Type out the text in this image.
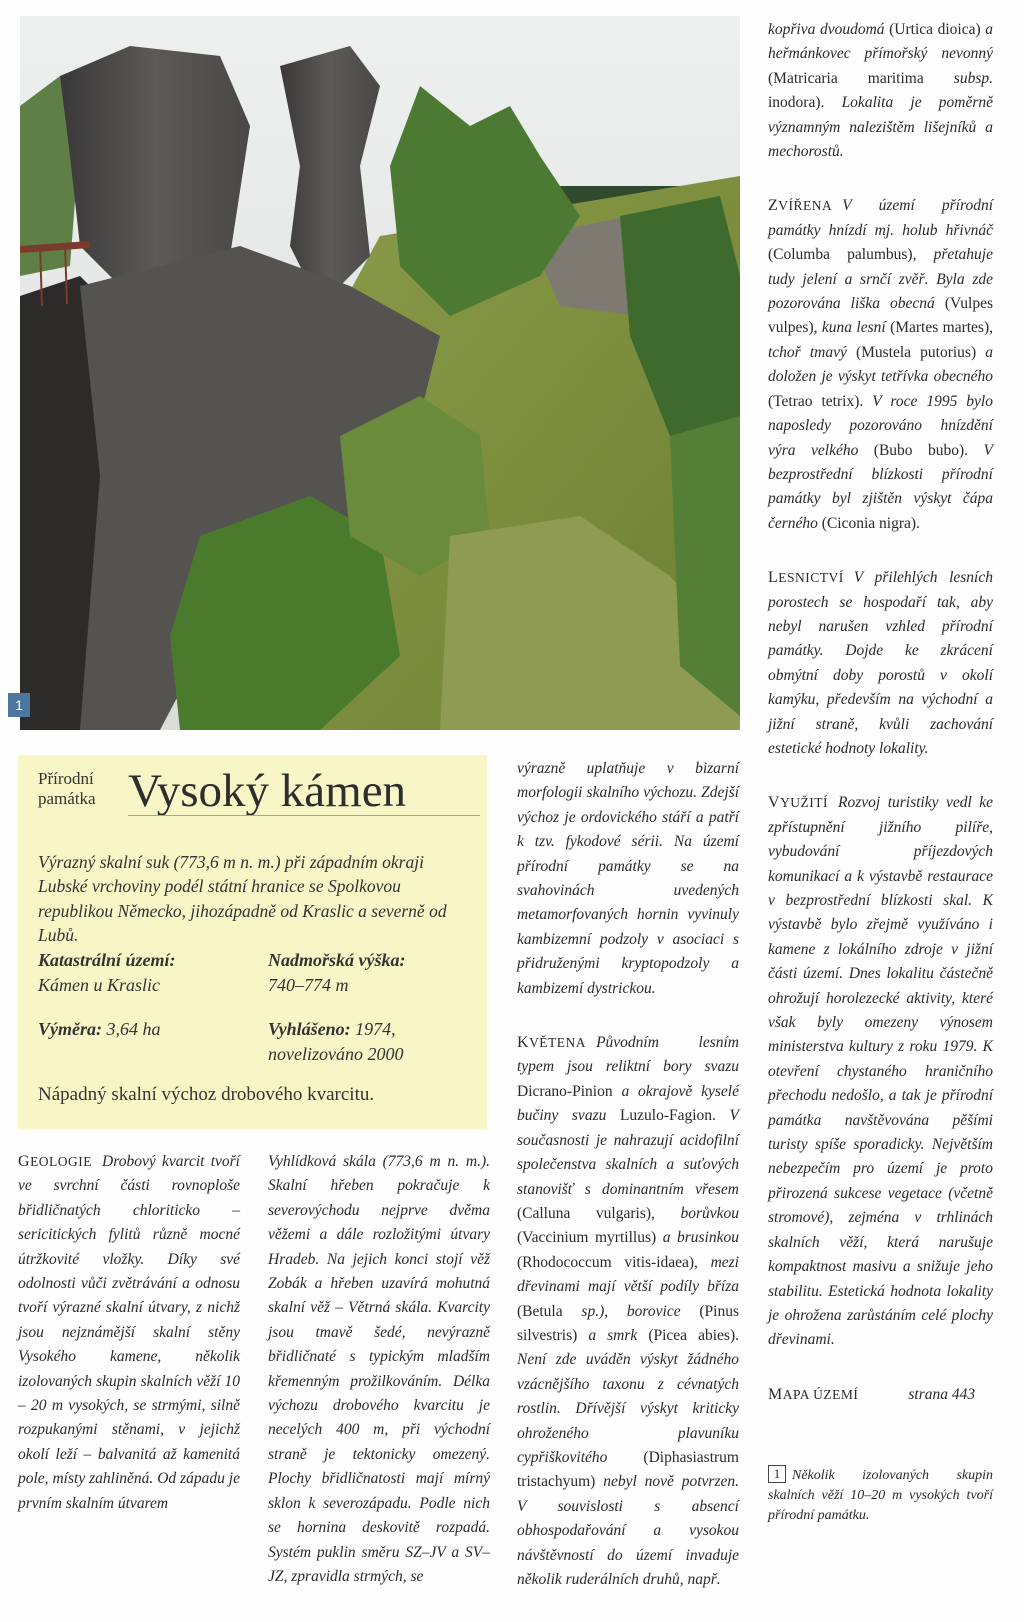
1
Přírodní
památka Vysoký kámen

Výrazný skalní suk (773,6 m n. m.) při západním okraji Lubské vrchoviny podél státní hranice se Spolkovou republikou Německo, jihozápadně od Kraslic a severně od Lubů.

Katastrální území:
Kámen u Kraslic
Nadmořská výška:
740–774 m
Výměra: 3,64 ha	Vyhlášeno: 1974,
novelizováno 2000
Nápadný skalní výchoz drobového kvarcitu.

GEOLOGIE Drobový kvarcit tvoří ve svrchní části rovnoploše břidličnatých chloriticko – sericitických fylitů různě mocné útržkovité vložky. Díky své odolnosti vůči zvětrávání a odnosu tvoří výrazné skalní útvary, z nichž jsou nejznámější skalní stěny Vysokého kamene, několik izolovaných skupin skalních věží 10 – 20 m vysokých, se strmými, silně rozpukanými stěnami, v jejichž okolí leží – balvanitá až kamenitá pole, místy zahliněná. Od západu je prvním skalním útvarem

Vyhlídková skála (773,6 m n. m.). Skalní hřeben pokračuje k severovýchodu nejprve dvěma věžemi a dále rozložitými útvary Hradeb. Na jejich konci stojí věž Zobák a hřeben uzavírá mohutná skalní věž – Větrná skála. Kvarcity jsou tmavě šedé, nevýrazně břidličnaté s typickým mladším křemenným prožilkováním. Délka výchozu drobového kvarcitu je necelých 400 m, při východní straně je tektonicky omezený. Plochy břidličnatosti mají mírný sklon k severozápadu. Podle nich se hornina deskovitě rozpadá. Systém puklin směru SZ–JV a SV–JZ, zpravidla strmých, se

výrazně uplatňuje v bizarní morfologii skalního výchozu. Zdejší výchoz je ordovického stáří a patří k tzv. fykodové sérii. Na území přírodní památky se na svahovinách uvedených metamorfovaných hornin vyvinuly kambizemní podzoly v asociaci s přidruženými kryptopodzoly a kambizemí dystrickou.

KVĚTENA Původním lesním typem jsou reliktní bory svazu Dicrano-Pinion a okrajově kyselé bučiny svazu Luzulo-Fagion. V současnosti je nahrazují acidofilní společenstva skalních a suťových stanovišť s dominantním vřesem (Calluna vulgaris), borůvkou (Vaccinium myrtillus) a brusinkou (Rhodococcum vitis-idaea), mezi dřevinami mají větší podíly bříza (Betula sp.), borovice (Pinus silvestris) a smrk (Picea abies). Není zde uváděn výskyt žádného vzácnějšího taxonu z cévnatých rostlin. Dřívější výskyt kriticky ohroženého plavuníku cypřiškovitého (Diphasiastrum tristachyum) nebyl nově potvrzen. V souvislosti s absencí obhospodařování a vysokou návštěvností do území invaduje několik ruderálních druhů, např.

kopřiva dvoudomá (Urtica dioica) a heřmánkovec přímořský nevonný (Matricaria maritima subsp. inodora). Lokalita je poměrně významným nalezištěm lišejníků a mechorostů.

ZVÍŘENA V území přírodní památky hnízdí mj. holub hřivnáč (Columba palumbus), přetahuje tudy jelení a srnčí zvěř. Byla zde pozorována liška obecná (Vulpes vulpes), kuna lesní (Martes martes), tchoř tmavý (Mustela putorius) a doložen je výskyt tetřívka obecného (Tetrao tetrix). V roce 1995 bylo naposledy pozorováno hnízdění výra velkého (Bubo bubo). V bezprostřední blízkosti přírodní památky byl zjištěn výskyt čápa černého (Ciconia nigra).

LESNICTVÍ V přilehlých lesních porostech se hospodaří tak, aby nebyl narušen vzhled přírodní památky. Dojde ke zkrácení obmýtní doby porostů v okolí kamýku, především na východní a jižní straně, kvůli zachování estetické hodnoty lokality.

VYUŽITÍ Rozvoj turistiky vedl ke zpřístupnění jižního pilíře, vybudování příjezdových komunikací a k výstavbě restaurace v bezprostřední blízkosti skal. K výstavbě bylo zřejmě využíváno i kamene z lokálního zdroje v jižní části území. Dnes lokalitu částečně ohrožují horolezecké aktivity, které však byly omezeny výnosem ministerstva kultury z roku 1979. K otevření chystaného hraničního přechodu nedošlo, a tak je přírodní památka navštěvována pěšími turisty spíše sporadicky. Největším nebezpečím pro území je proto přirozená sukcese vegetace (včetně stromové), zejména v trhlinách skalních věží, která narušuje kompaktnost masivu a snižuje jeho stabilitu. Estetická hodnota lokality je ohrožena zarůstáním celé plochy dřevinami.

MAPA ÚZEMÍ	strana 443
1 Několik izolovaných skupin skalních věží 10–20 m vysokých tvoří přírodní památku.
